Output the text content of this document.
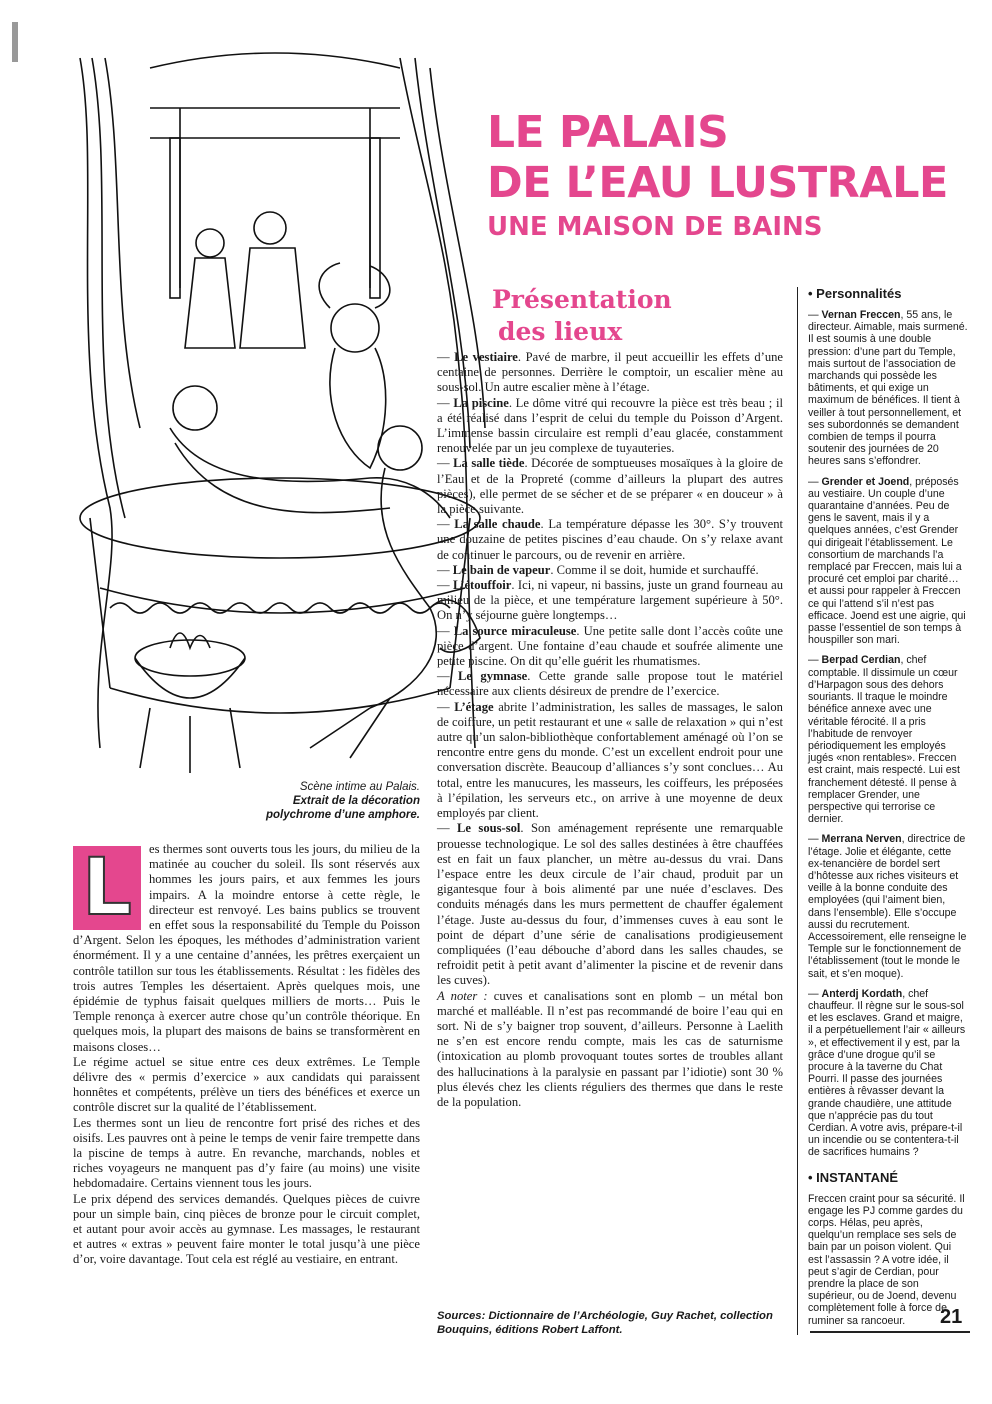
Scène intime au Palais.
Extrait de la décoration
polychrome d’une amphore.
LE PALAIS
DE L’EAU LUSTRALE
UNE MAISON DE BAINS
Présentation
des lieux

— Le vestiaire. Pavé de marbre, il peut accueillir les effets d’une centaine de personnes. Derrière le comptoir, un escalier mène au sous-sol. Un autre escalier mène à l’étage.

— La piscine. Le dôme vitré qui recouvre la pièce est très beau ; il a été réalisé dans l’esprit de celui du temple du Poisson d’Argent. L’immense bassin circulaire est rempli d’eau glacée, constamment renouvelée par un jeu complexe de tuyauteries.

— La salle tiède. Décorée de somptueuses mosaïques à la gloire de l’Eau et de la Propreté (comme d’ailleurs la plupart des autres pièces), elle permet de se sécher et de se préparer « en douceur » à la pièce suivante.

— La salle chaude. La température dépasse les 30°. S’y trouvent une douzaine de petites piscines d’eau chaude. On s’y relaxe avant de continuer le parcours, ou de revenir en arrière.

— Le bain de vapeur. Comme il se doit, humide et surchauffé.

— L’étouffoir. Ici, ni vapeur, ni bassins, juste un grand fourneau au milieu de la pièce, et une température largement supérieure à 50°. On n’y séjourne guère longtemps…

— La source miraculeuse. Une petite salle dont l’accès coûte une pièce d’argent. Une fontaine d’eau chaude et soufrée alimente une petite piscine. On dit qu’elle guérit les rhumatismes.

— Le gymnase. Cette grande salle propose tout le matériel nécessaire aux clients désireux de prendre de l’exercice.

— L’étage abrite l’administration, les salles de massages, le salon de coiffure, un petit restaurant et une « salle de relaxation » qui n’est autre qu’un salon-bibliothèque confortablement aménagé où l’on se rencontre entre gens du monde. C’est un excellent endroit pour une conversation discrète. Beaucoup d’alliances s’y sont conclues… Au total, entre les manucures, les masseurs, les coiffeurs, les préposées à l’épilation, les serveurs etc., on arrive à une moyenne de deux employés par client.

— Le sous-sol. Son aménagement représente une remarquable prouesse technologique. Le sol des salles destinées à être chauffées est en fait un faux plancher, un mètre au-dessus du vrai. Dans l’espace entre les deux circule de l’air chaud, produit par un gigantesque four à bois alimenté par une nuée d’esclaves. Des conduits ménagés dans les murs permettent de chauffer également l’étage. Juste au-dessus du four, d’immenses cuves à eau sont le point de départ d’une série de canalisations prodigieusement compliquées (l’eau débouche d’abord dans les salles chaudes, se refroidit petit à petit avant d’alimenter la piscine et de revenir dans les cuves).

A noter : cuves et canalisations sont en plomb – un métal bon marché et malléable. Il n’est pas recommandé de boire l’eau qui en sort. Ni de s’y baigner trop souvent, d’ailleurs. Personne à Laelith ne s’en est encore rendu compte, mais les cas de saturnisme (intoxication au plomb provoquant toutes sortes de troubles allant des hallucinations à la paralysie en passant par l’idiotie) sont 30 % plus élevés chez les clients réguliers des thermes que dans le reste de la population.

Sources: Dictionnaire de l’Archéologie, Guy Rachet, collection Bouquins, éditions Robert Laffont.
L	es thermes sont ouverts tous les jours, du milieu de la matinée au coucher du soleil. Ils sont réservés aux hommes les jours pairs, et aux femmes les jours impairs. A la moindre entorse à cette règle, le directeur est renvoyé. Les bains publics se trouvent en effet sous la responsabilité du Temple du Poisson d’Argent. Selon les époques, les méthodes d’administration varient énormément. Il y a une centaine d’années, les prêtres exerçaient un contrôle tatillon sur tous les établissements. Résultat : les fidèles des trois autres Temples les désertaient. Après quelques mois, une épidémie de typhus faisait quelques milliers de morts… Puis le Temple renonça à exercer autre chose qu’un contrôle théorique. En quelques mois, la plupart des maisons de bains se transformèrent en maisons closes…

Le régime actuel se situe entre ces deux extrêmes. Le Temple délivre des « permis d’exercice » aux candidats qui paraissent honnêtes et compétents, prélève un tiers des bénéfices et exerce un contrôle discret sur la qualité de l’établissement.

Les thermes sont un lieu de rencontre fort prisé des riches et des oisifs. Les pauvres ont à peine le temps de venir faire trempette dans la piscine de temps à autre. En revanche, marchands, nobles et riches voyageurs ne manquent pas d’y faire (au moins) une visite hebdomadaire. Certains viennent tous les jours.

Le prix dépend des services demandés. Quelques pièces de cuivre pour un simple bain, cinq pièces de bronze pour le circuit complet, et autant pour avoir accès au gymnase. Les massages, le restaurant et autres « extras » peuvent faire monter le total jusqu’à une pièce d’or, voire davantage. Tout cela est réglé au vestiaire, en entrant.

• Personnalités

— Vernan Freccen, 55 ans, le directeur. Aimable, mais surmené. Il est soumis à une double pression: d’une part du Temple, mais surtout de l’association de marchands qui possède les bâtiments, et qui exige un maximum de bénéfices. Il tient à veiller à tout personnellement, et ses subordonnés se demandent combien de temps il pourra soutenir des journées de 20 heures sans s’effondrer.

— Grender et Joend, préposés au vestiaire. Un couple d’une quarantaine d’années. Peu de gens le savent, mais il y a quelques années, c’est Grender qui dirigeait l’établissement. Le consortium de marchands l’a remplacé par Freccen, mais lui a procuré cet emploi par charité… et aussi pour rappeler à Freccen ce qui l’attend s’il n’est pas efficace. Joend est une aigrie, qui passe l’essentiel de son temps à houspiller son mari.

— Berpad Cerdian, chef comptable. Il dissimule un cœur d’Harpagon sous des dehors souriants. Il traque le moindre bénéfice annexe avec une véritable férocité. Il a pris l’habitude de renvoyer périodiquement les employés jugés «non rentables». Freccen est craint, mais respecté. Lui est franchement détesté. Il pense à remplacer Grender, une perspective qui terrorise ce dernier.

— Merrana Nerven, directrice de l’étage. Jolie et élégante, cette ex-tenancière de bordel sert d’hôtesse aux riches visiteurs et veille à la bonne conduite des employées (qui l’aiment bien, dans l’ensemble). Elle s’occupe aussi du recrutement. Accessoirement, elle renseigne le Temple sur le fonctionnement de l’établissement (tout le monde le sait, et s’en moque).

— Anterdj Kordath, chef chauffeur. Il règne sur le sous-sol et les esclaves. Grand et maigre, il a perpétuellement l’air « ailleurs », et effectivement il y est, par la grâce d’une drogue qu’il se procure à la taverne du Chat Pourri. Il passe des journées entières à rêvasser devant la grande chaudière, une attitude que n’apprécie pas du tout Cerdian. A votre avis, prépare-t-il un incendie ou se contentera-t-il de sacrifices humains ?

• INSTANTANÉ

Freccen craint pour sa sécurité. Il engage les PJ comme gardes du corps. Hélas, peu après, quelqu’un remplace ses sels de bain par un poison violent. Qui est l’assassin ? A votre idée, il peut s’agir de Cerdian, pour prendre la place de son supérieur, ou de Joend, devenu complètement folle à force de ruminer sa rancoeur.	21
